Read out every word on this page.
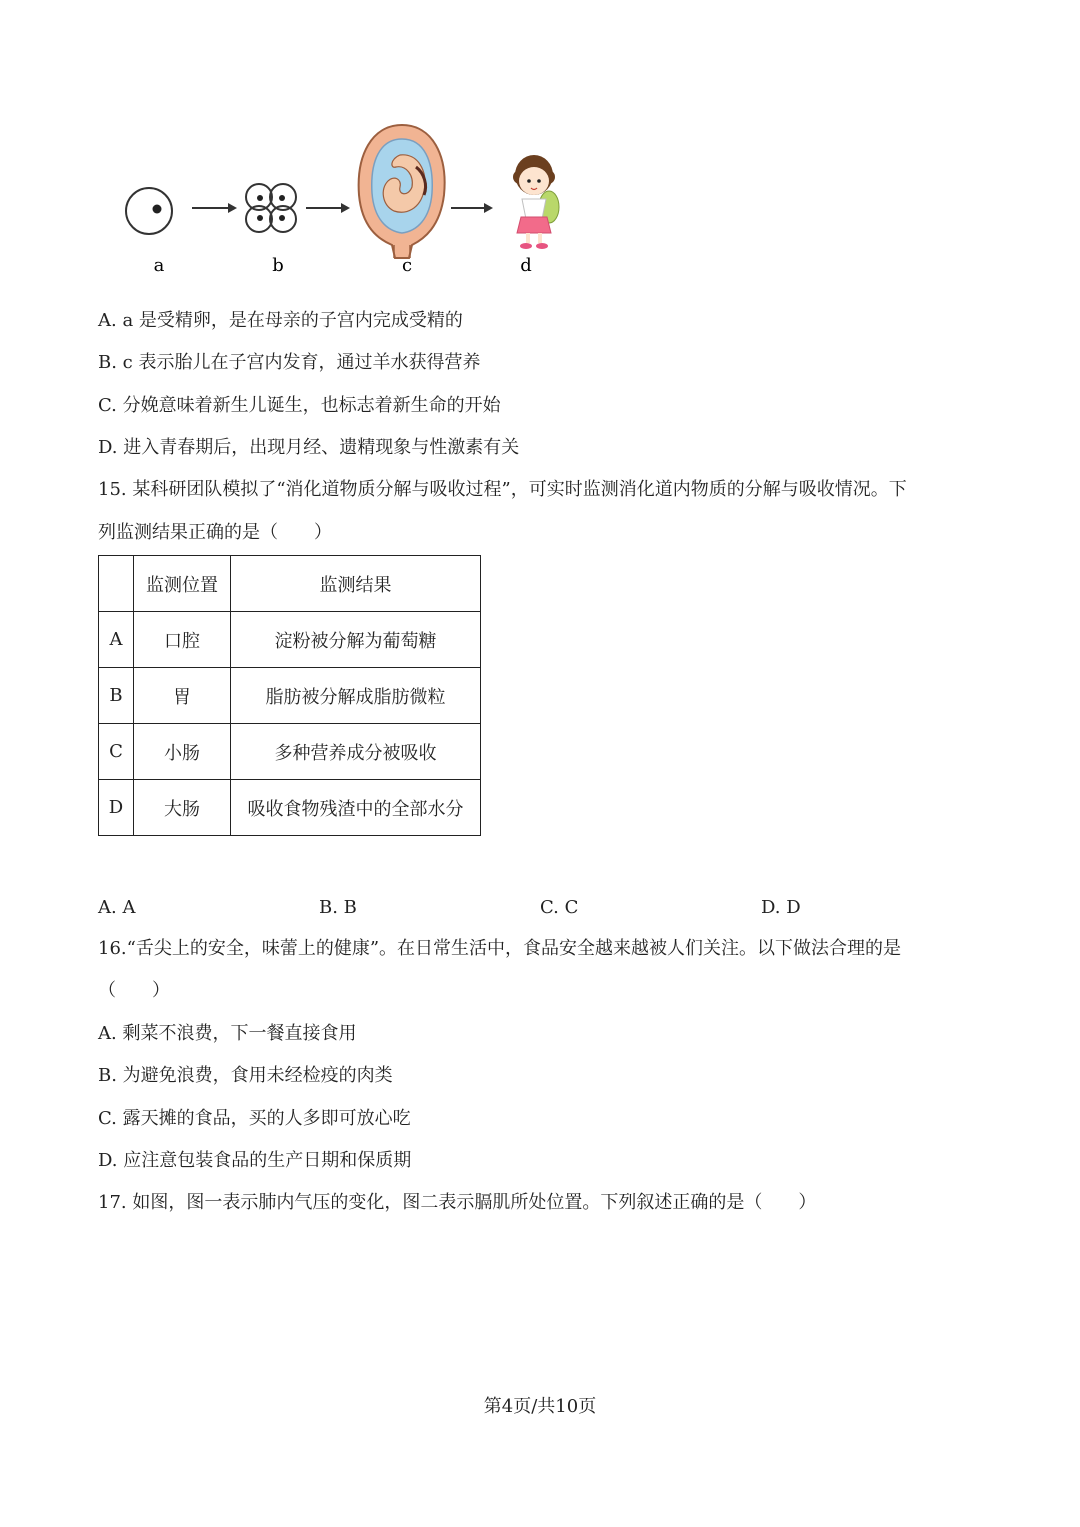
a	b	c	d
A. a 是受精卵，是在母亲的子宫内完成受精的
B. c 表示胎儿在子宫内发育，通过羊水获得营养
C. 分娩意味着新生儿诞生，也标志着新生命的开始
D. 进入青春期后，出现月经、遗精现象与性激素有关
15. 某科研团队模拟了“消化道物质分解与吸收过程”，可实时监测消化道内物质的分解与吸收情况。下
列监测结果正确的是（　　）
	监测位置	监测结果
A	口腔	淀粉被分解为葡萄糖
B	胃	脂肪被分解成脂肪微粒
C	小肠	多种营养成分被吸收
D	大肠	吸收食物残渣中的全部水分
A. A	B. B	C. C	D. D
16.“舌尖上的安全，味蕾上的健康”。在日常生活中，食品安全越来越被人们关注。以下做法合理的是
（　　）
A. 剩菜不浪费，下一餐直接食用
B. 为避免浪费，食用未经检疫的肉类
C. 露天摊的食品，买的人多即可放心吃
D. 应注意包装食品的生产日期和保质期
17. 如图，图一表示肺内气压的变化，图二表示膈肌所处位置。下列叙述正确的是（　　）
第4页/共10页
